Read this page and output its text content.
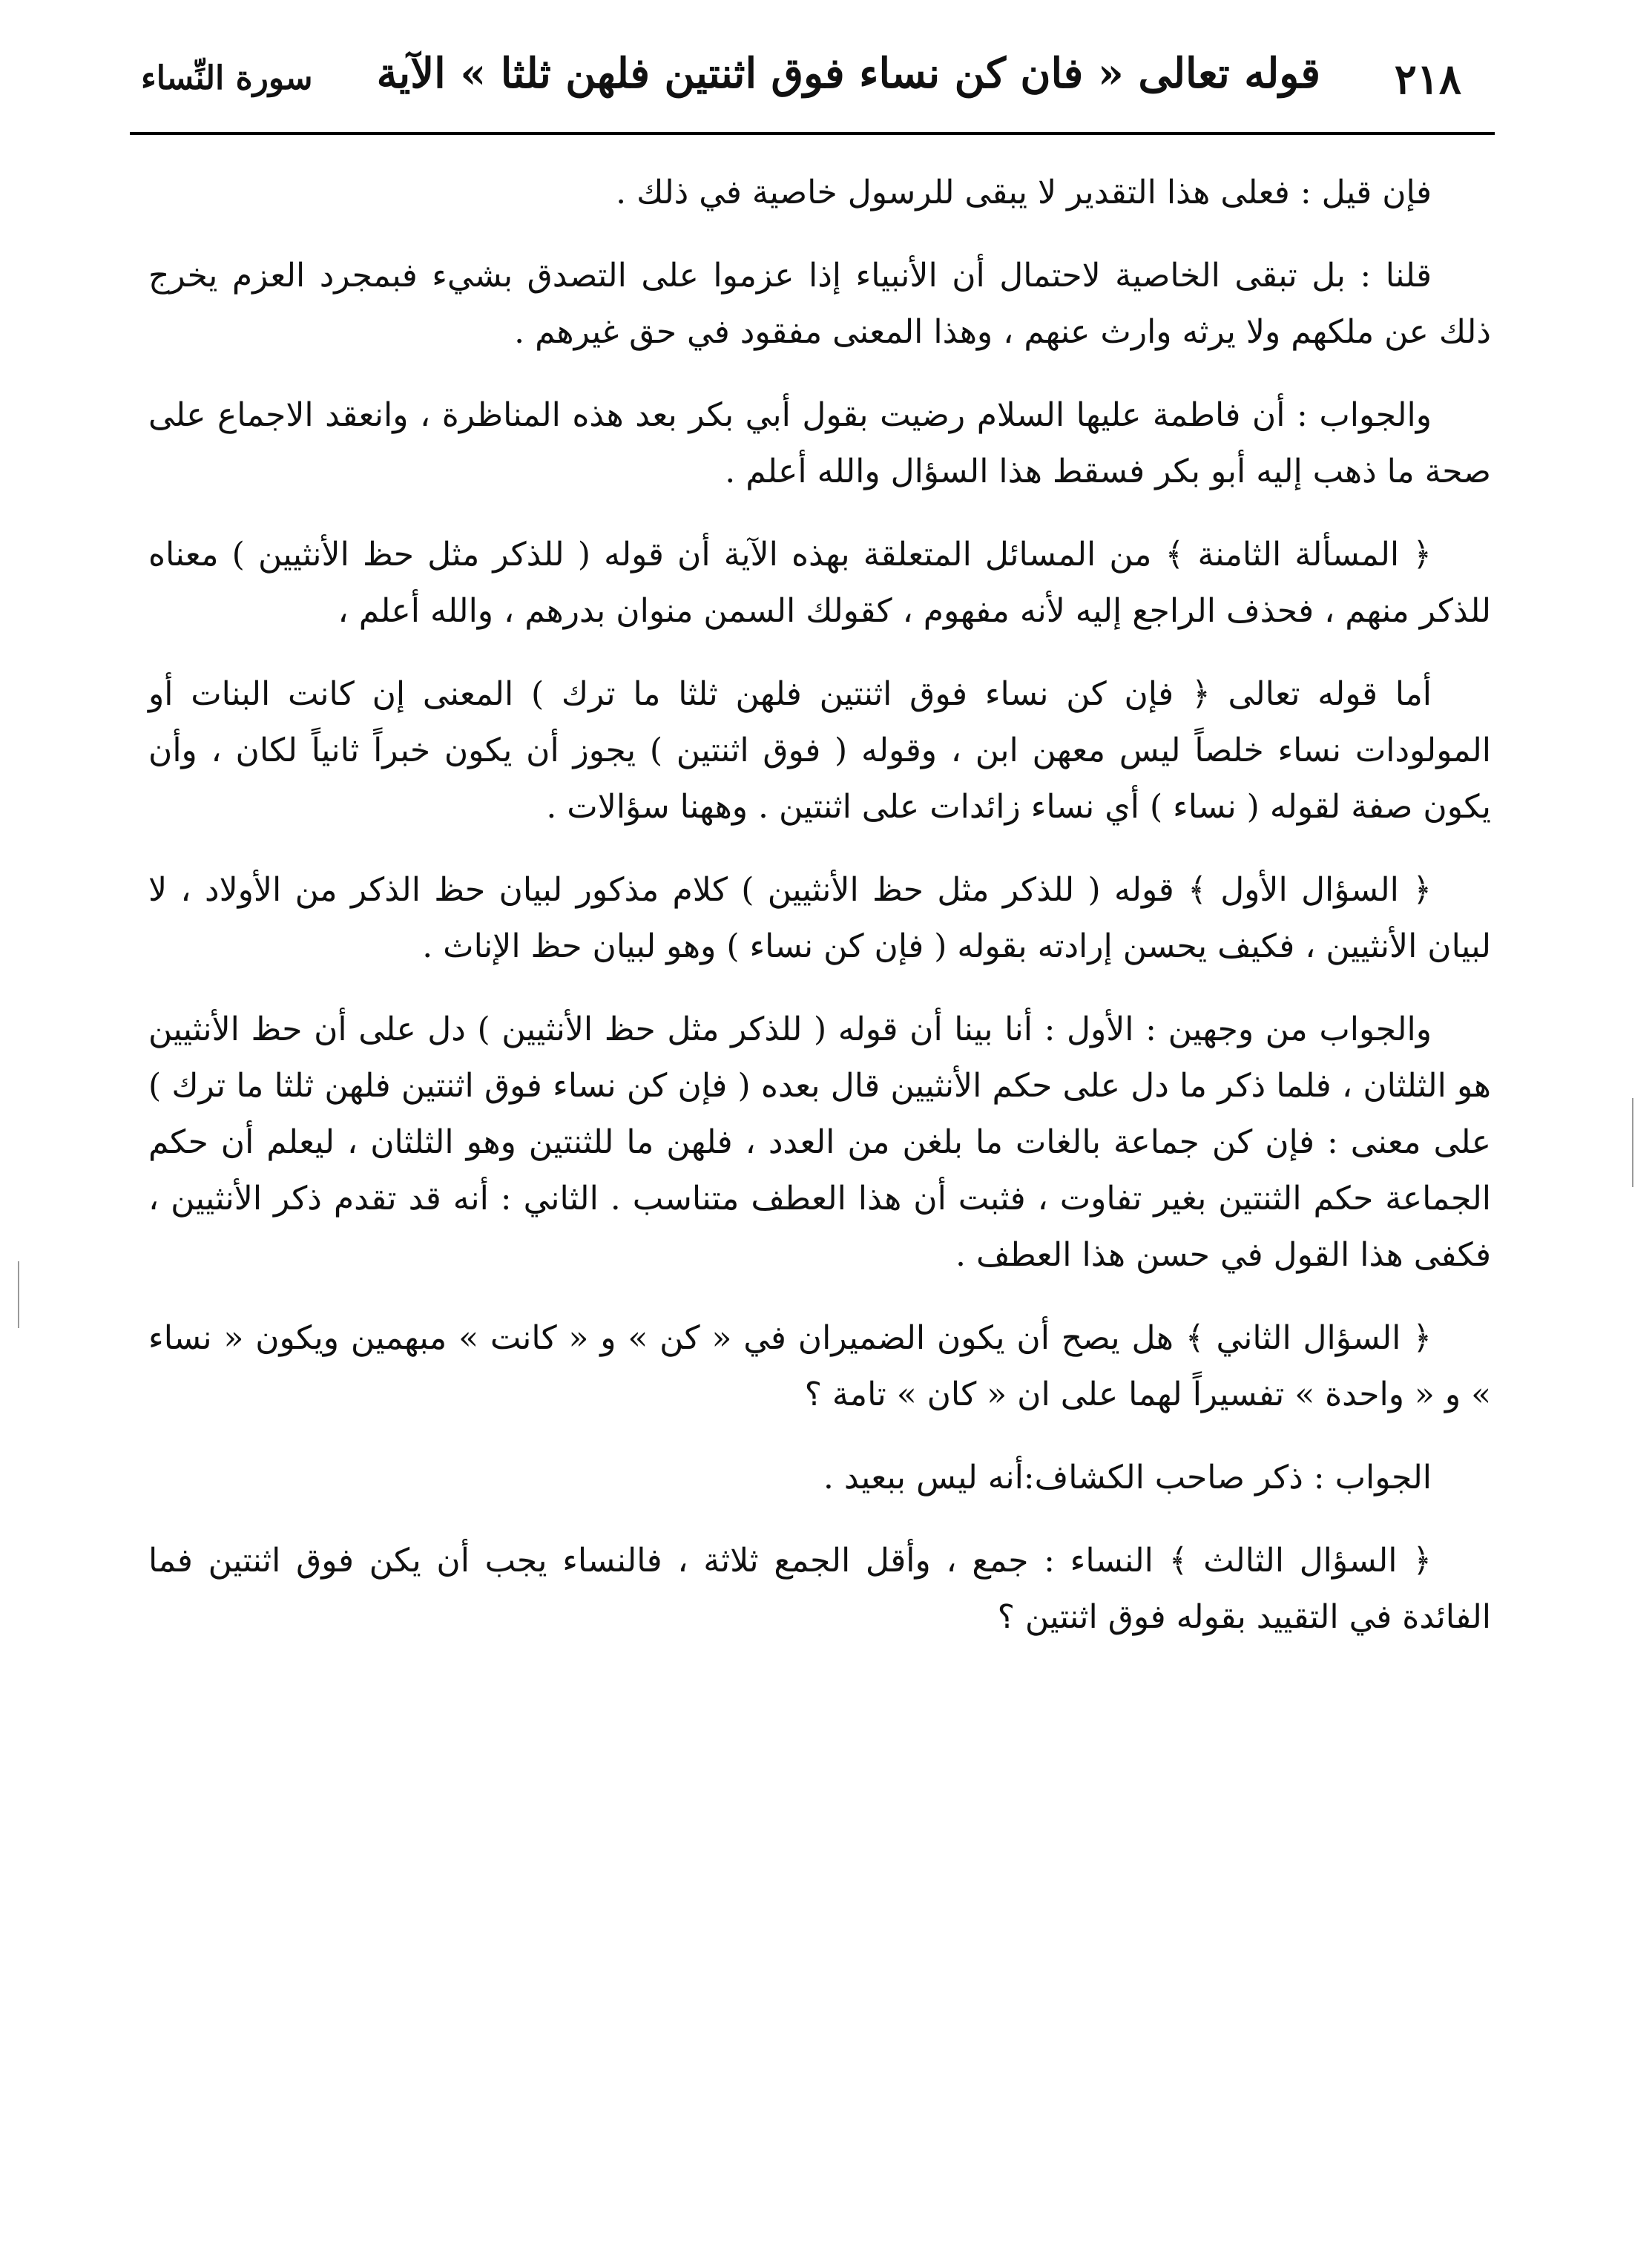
٢١٨
قوله تعالى « فان كن نساء فوق اثنتين فلهن ثلثا » الآية
سورة النِّساء

فإن قيل : فعلى هذا التقدير لا يبقى للرسول خاصية في ذلك .

قلنا : بل تبقى الخاصية لاحتمال أن الأنبياء إذا عزموا على التصدق بشيء فبمجرد العزم يخرج ذلك عن ملكهم ولا يرثه وارث عنهم ، وهذا المعنى مفقود في حق غيرهم .

والجواب : أن فاطمة عليها السلام رضيت بقول أبي بكر بعد هذه المناظرة ، وانعقد الاجماع على صحة ما ذهب إليه أبو بكر فسقط هذا السؤال والله أعلم .

﴿ المسألة الثامنة ﴾ من المسائل المتعلقة بهذه الآية أن قوله ( للذكر مثل حظ الأنثيين ) معناه للذكر منهم ، فحذف الراجع إليه لأنه مفهوم ، كقولك السمن منوان بدرهم ، والله أعلم ،

أما قوله تعالى ﴿ فإن كن نساء فوق اثنتين فلهن ثلثا ما ترك ) المعنى إن كانت البنات أو المولودات نساء خلصاً ليس معهن ابن ، وقوله ( فوق اثنتين ) يجوز أن يكون خبراً ثانياً لكان ، وأن يكون صفة لقوله ( نساء ) أي نساء زائدات على اثنتين . وههنا سؤالات .

﴿ السؤال الأول ﴾ قوله ( للذكر مثل حظ الأنثيين ) كلام مذكور لبيان حظ الذكر من الأولاد ، لا لبيان الأنثيين ، فكيف يحسن إرادته بقوله ( فإن كن نساء ) وهو لبيان حظ الإناث .

والجواب من وجهين : الأول : أنا بينا أن قوله ( للذكر مثل حظ الأنثيين ) دل على أن حظ الأنثيين هو الثلثان ، فلما ذكر ما دل على حكم الأنثيين قال بعده ( فإن كن نساء فوق اثنتين فلهن ثلثا ما ترك ) على معنى : فإن كن جماعة بالغات ما بلغن من العدد ، فلهن ما للثنتين وهو الثلثان ، ليعلم أن حكم الجماعة حكم الثنتين بغير تفاوت ، فثبت أن هذا العطف متناسب . الثاني : أنه قد تقدم ذكر الأنثيين ، فكفى هذا القول في حسن هذا العطف .

﴿ السؤال الثاني ﴾ هل يصح أن يكون الضميران في « كن » و « كانت » مبهمين ويكون « نساء » و « واحدة » تفسيراً لهما على ان « كان » تامة ؟

الجواب : ذكر صاحب الكشاف:أنه ليس ببعيد .

﴿ السؤال الثالث ﴾ النساء : جمع ، وأقل الجمع ثلاثة ، فالنساء يجب أن يكن فوق اثنتين فما الفائدة في التقييد بقوله فوق اثنتين ؟
